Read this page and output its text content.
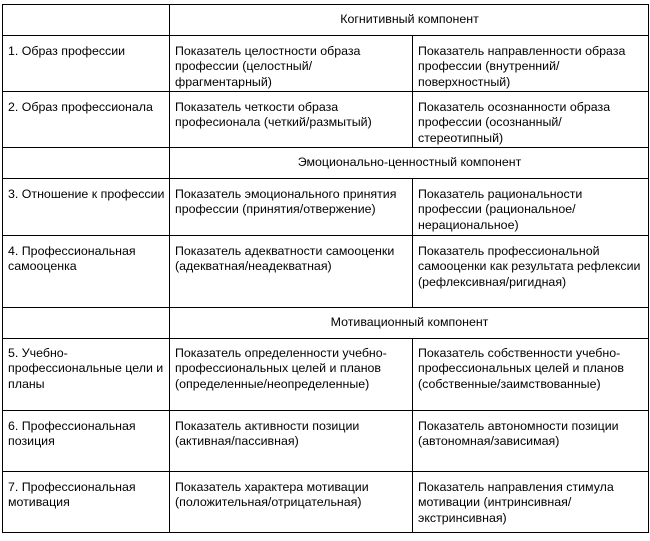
	Когнитивный компонент	
1. Образ профессии	Показатель целостности образа профессии (целостный/фрагментарный)	Показатель направленности образа профессии (внутренний/поверхностный)
2. Образ профессионала	Показатель четкости образа професионала (четкий/размытый)	Показатель осознанности образа профессии (осознанный/стереотипный)
	Эмоционально-ценностный компонент	
3. Отношение к профессии	Показатель эмоционального принятия профессии (принятия/отвержение)	Показатель рациональности профессии (рациональное/нерациональное)
4. Профессиональная самооценка	Показатель адекватности самооценки (адекватная/неадекватная)	Показатель профессиональной самооценки как результата рефлексии (рефлексивная/ригидная)
	Мотивационный компонент	
5. Учебно-профессиональные цели и планы	Показатель определенности учебно-профессиональных целей и планов (определенные/неопределенные)	Показатель собственности учебно-профессиональных целей и планов (собственные/заимствованные)
6. Профессиональная позиция	Показатель активности позиции (активная/пассивная)	Показатель автономности позиции (автономная/зависимая)
7. Профессиональная мотивация	Показатель характера мотивации (положительная/отрицательная)	Показатель направления стимула мотивации (интринсивная/экстринсивная)
